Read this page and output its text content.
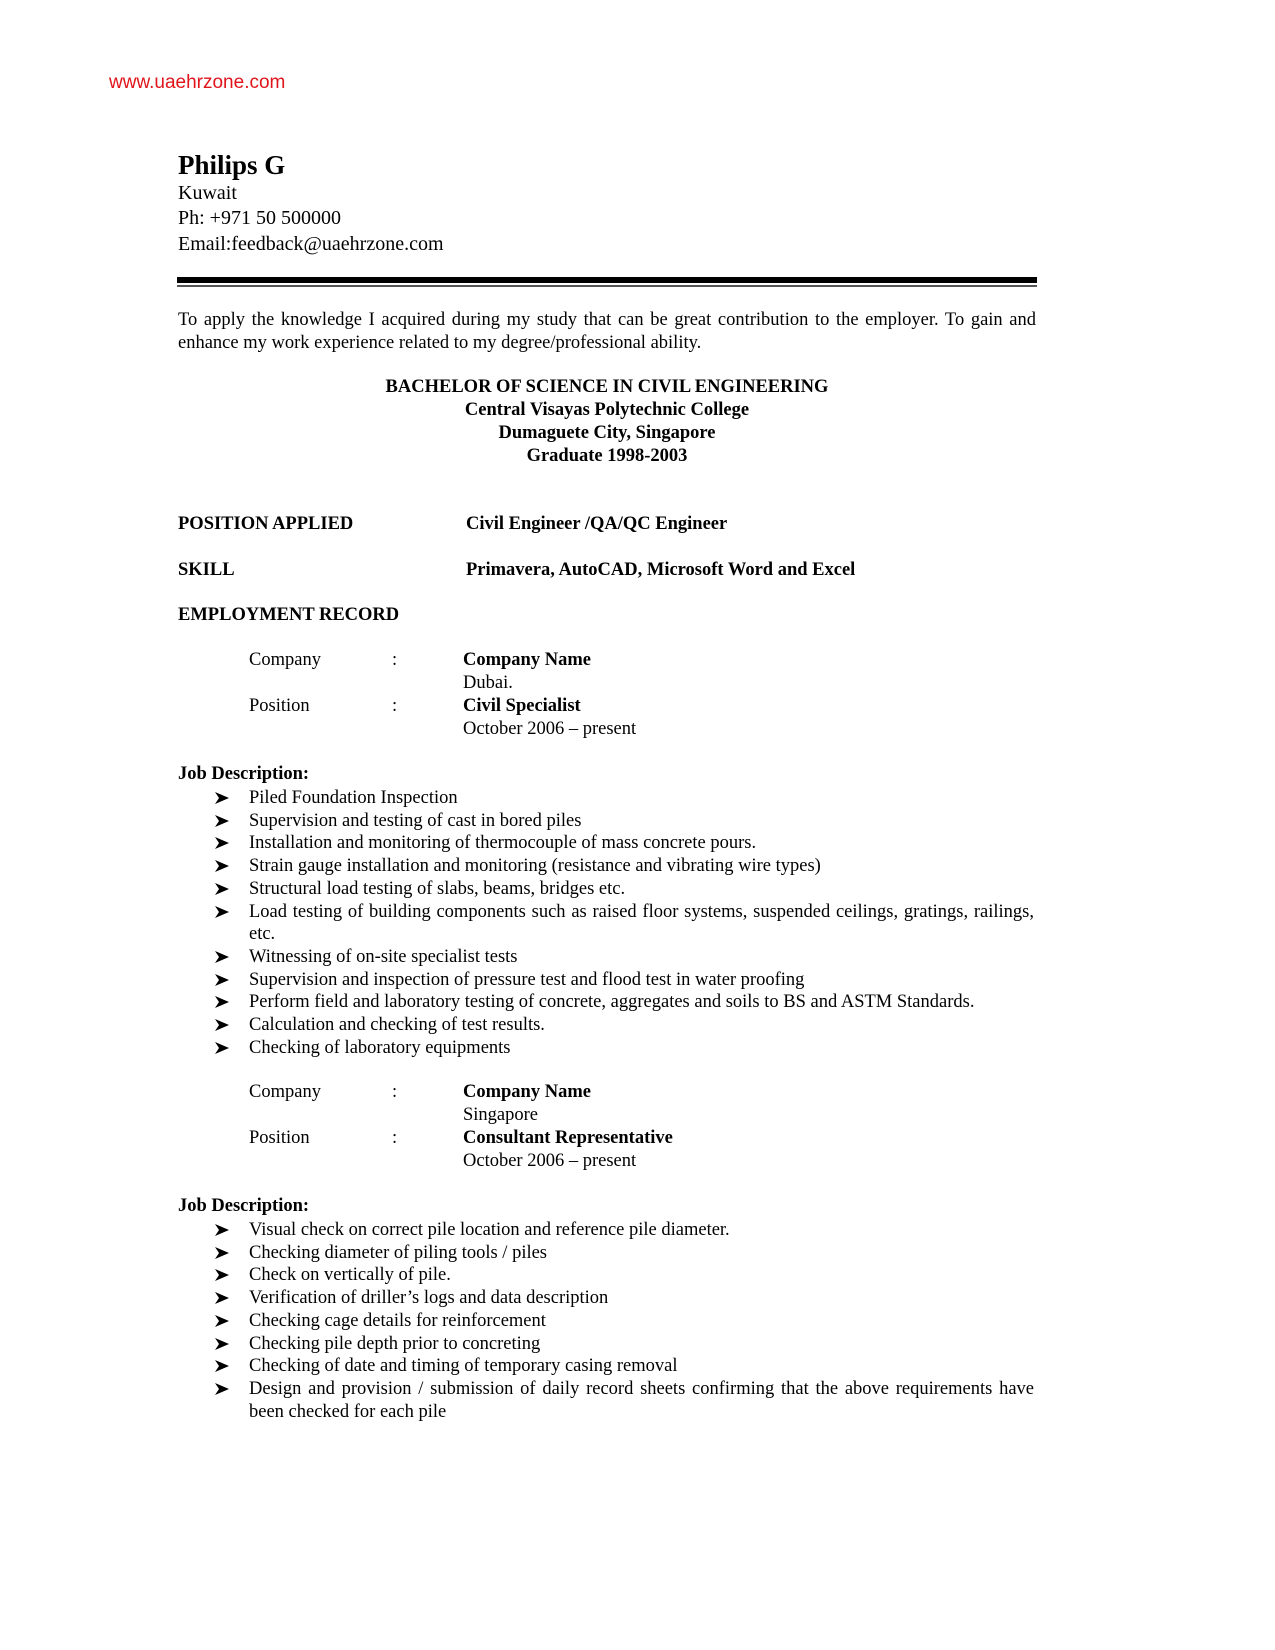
www.uaehrzone.com
Philips G
Kuwait
Ph: +971 50 500000
Email:feedback@uaehrzone.com
To apply the knowledge I acquired during my study that can be great contribution to the employer. To gain and enhance my work experience related to my degree/professional ability.
BACHELOR OF SCIENCE IN CIVIL ENGINEERING
Central Visayas Polytechnic College
Dumaguete City, Singapore
Graduate 1998-2003
POSITION APPLIED	Civil Engineer /QA/QC Engineer
SKILL	Primavera, AutoCAD, Microsoft Word and Excel
EMPLOYMENT RECORD
Company	:	Company Name
Dubai.
Position	:	Civil Specialist
October 2006 – present
Job Description:
Piled Foundation Inspection
Supervision and testing of cast in bored piles
Installation and monitoring of thermocouple of mass concrete pours.
Strain gauge installation and monitoring (resistance and vibrating wire types)
Structural load testing of slabs, beams, bridges etc.
Load testing of building components such as raised floor systems, suspended ceilings, gratings, railings, etc.
Witnessing of on-site specialist tests
Supervision and inspection of pressure test and flood test in water proofing
Perform field and laboratory testing of concrete, aggregates and soils to BS and ASTM Standards.
Calculation and checking of test results.
Checking of laboratory equipments
Company	:	Company Name
Singapore
Position	:	Consultant Representative
October 2006 – present
Job Description:
Visual check on correct pile location and reference pile diameter.
Checking diameter of piling tools / piles
Check on vertically of pile.
Verification of driller’s logs and data description
Checking cage details for reinforcement
Checking pile depth prior to concreting
Checking of date and timing of temporary casing removal
Design and provision / submission of daily record sheets confirming that the above requirements have been checked for each pile
